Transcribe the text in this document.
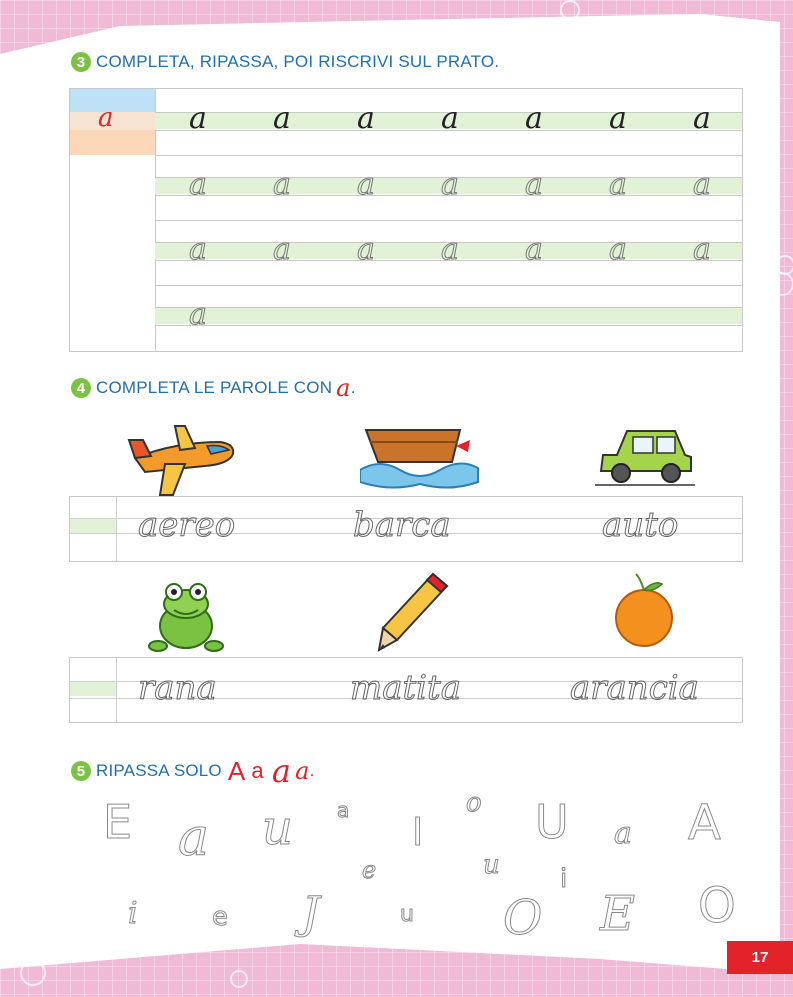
3 COMPLETA, RIPASSA, POI RISCRIVI SUL PRATO.
a	a	a	a	a	a	a	a
a	a	a	a	a	a	a
a	a	a	a	a	a	a
a
4 COMPLETA LE PAROLE CON a .
aereo	barca	auto
rana	matita	arancia
5 RIPASSA SOLO A a a a .
E a u a I
o U a A
e	u i
i	e J	u O E O
17
